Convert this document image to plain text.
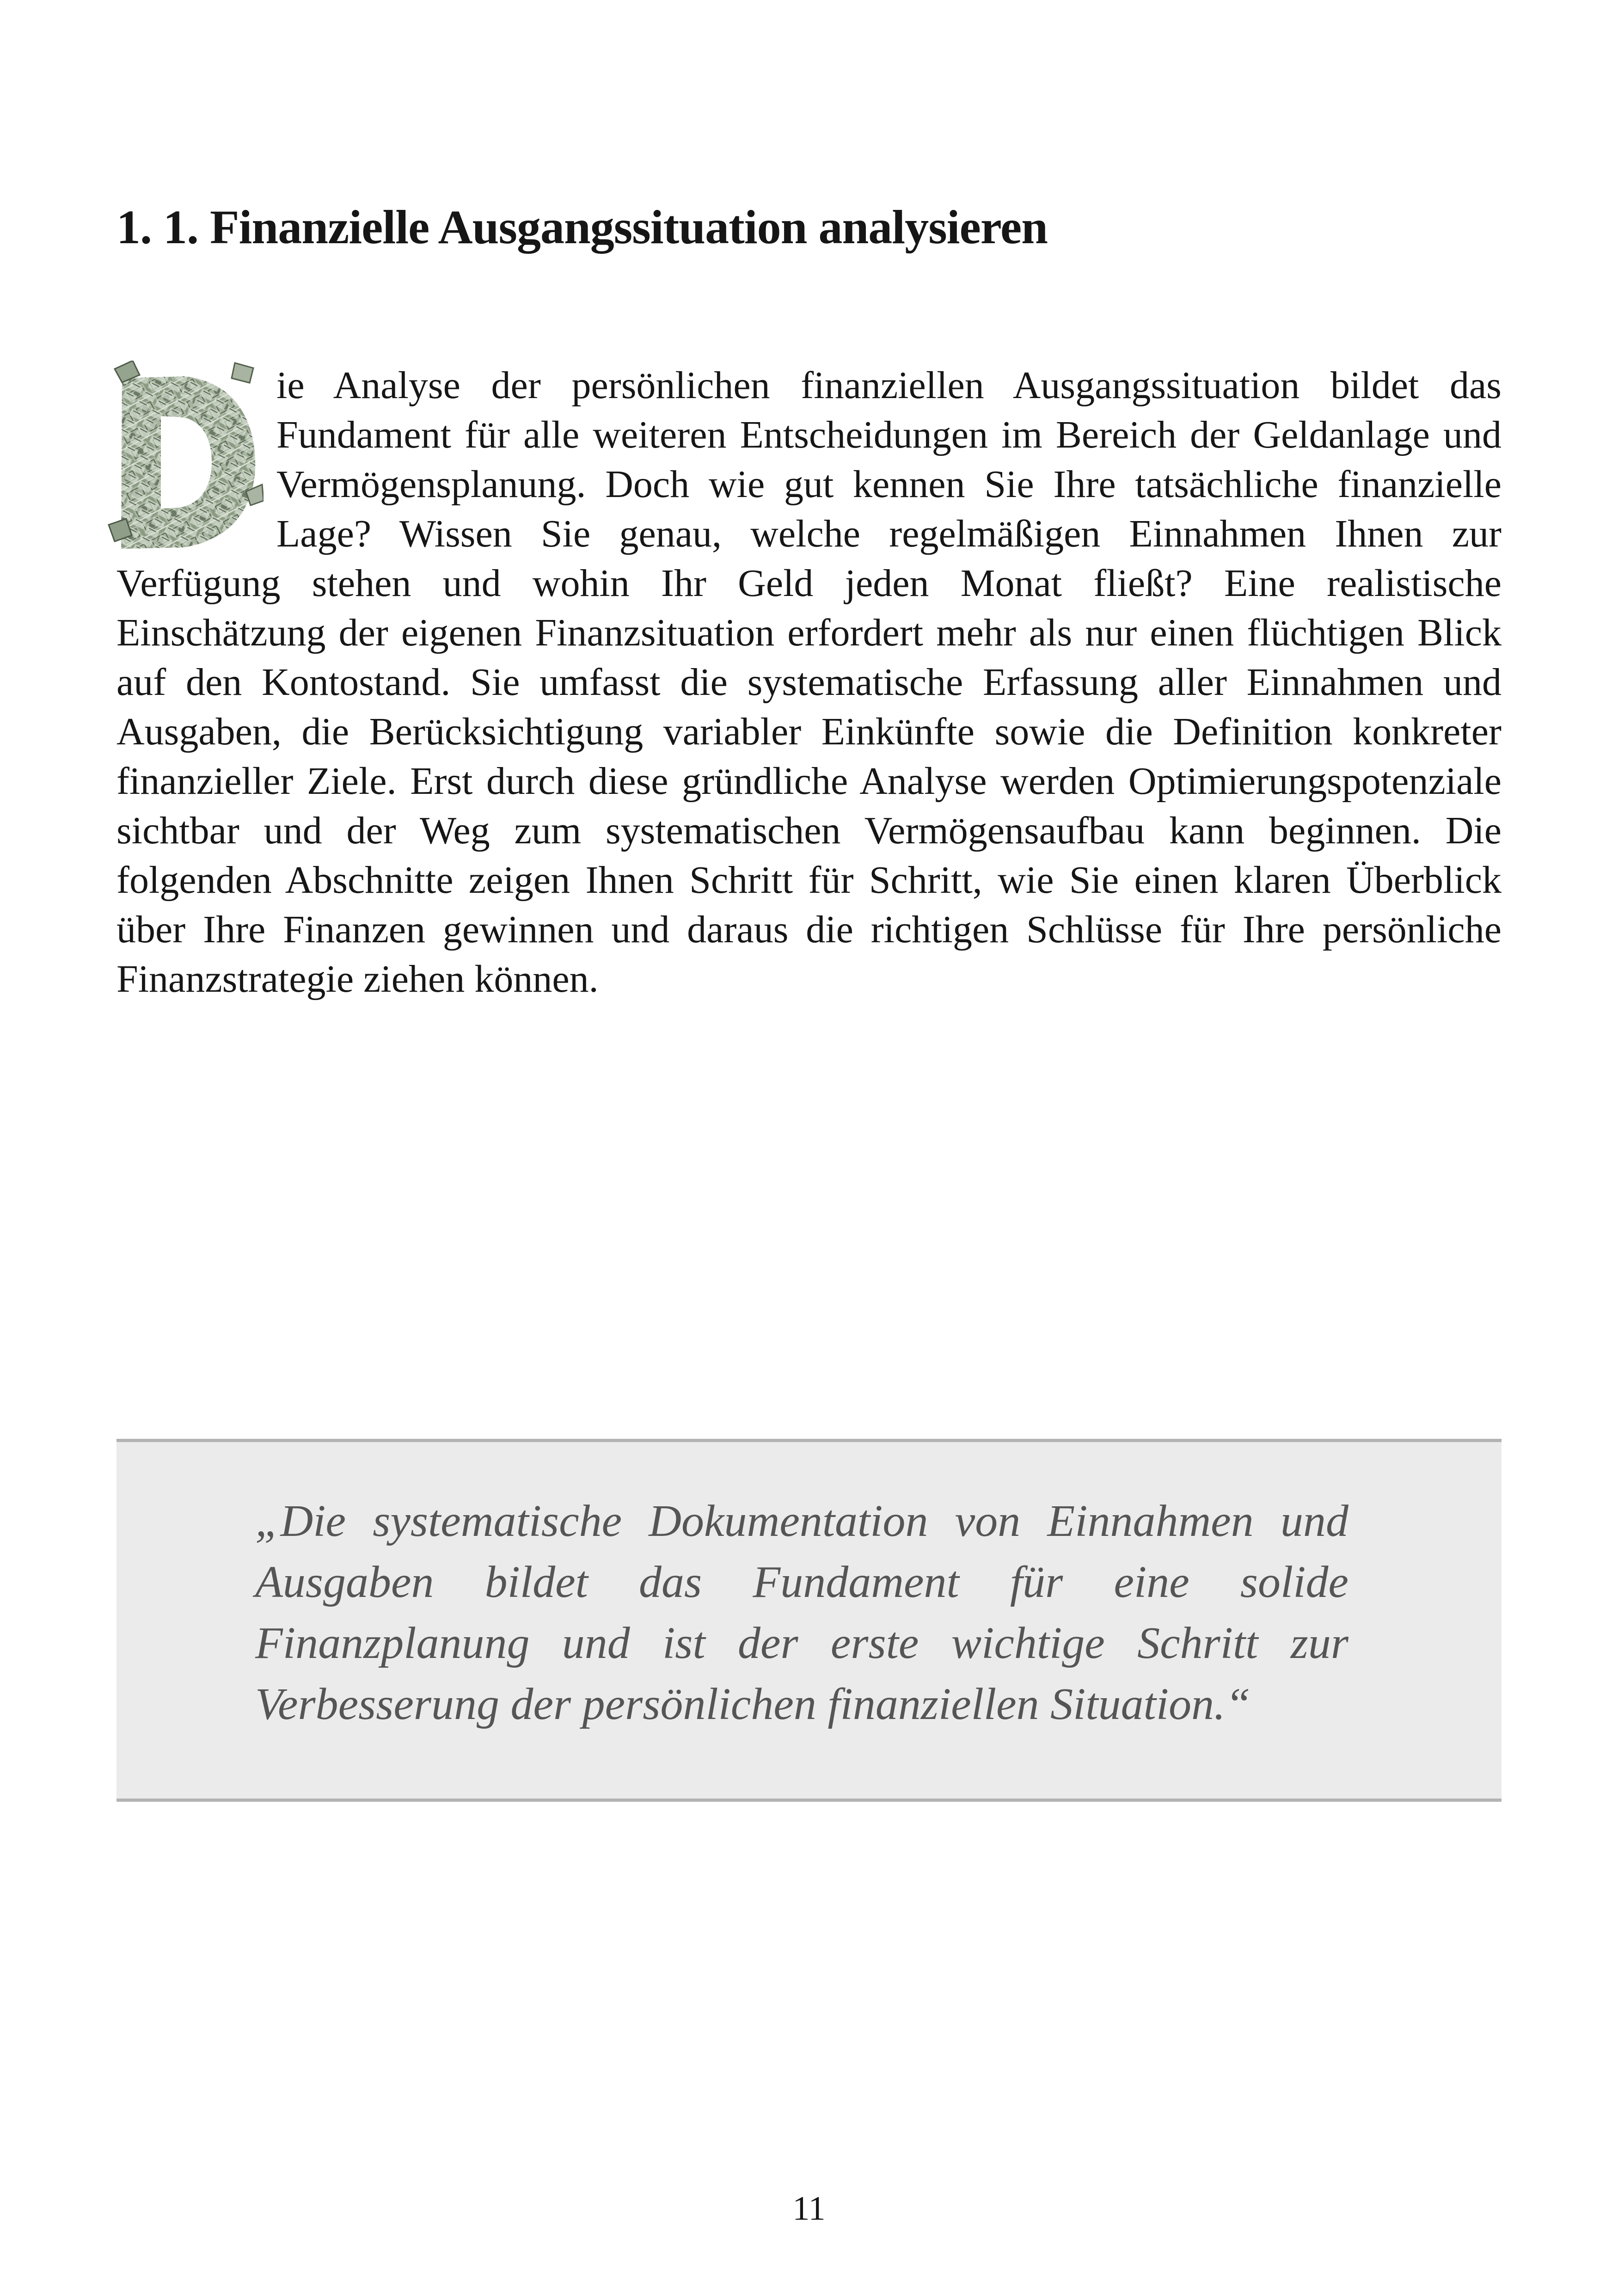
1. 1. Finanzielle Ausgangssituation analysieren

ie Analyse der persönlichen finanziellen Ausgangssituation bildet das Fundament für alle weiteren Entscheidungen im Bereich der Geldanlage und Vermögensplanung. Doch wie gut kennen Sie Ihre tatsächliche finanzielle Lage? Wissen Sie genau, welche regelmäßigen Einnahmen Ihnen zur Verfügung stehen und wohin Ihr Geld jeden Monat fließt? Eine realistische Einschätzung der eigenen Finanzsituation erfordert mehr als nur einen flüchtigen Blick auf den Kontostand. Sie umfasst die systematische Erfassung aller Einnahmen und Ausgaben, die Berücksichtigung variabler Einkünfte sowie die Definition konkreter finanzieller Ziele. Erst durch diese gründliche Analyse werden Optimierungspotenziale sichtbar und der Weg zum systematischen Vermögensaufbau kann beginnen. Die folgenden Abschnitte zeigen Ihnen Schritt für Schritt, wie Sie einen klaren Überblick über Ihre Finanzen gewinnen und daraus die richtigen Schlüsse für Ihre persönliche Finanzstrategie ziehen können.

„Die systematische Dokumentation von Einnahmen und Ausgaben bildet das Fundament für eine solide Finanzplanung und ist der erste wichtige Schritt zur Verbesserung der persönlichen finanziellen Situation.“

11
